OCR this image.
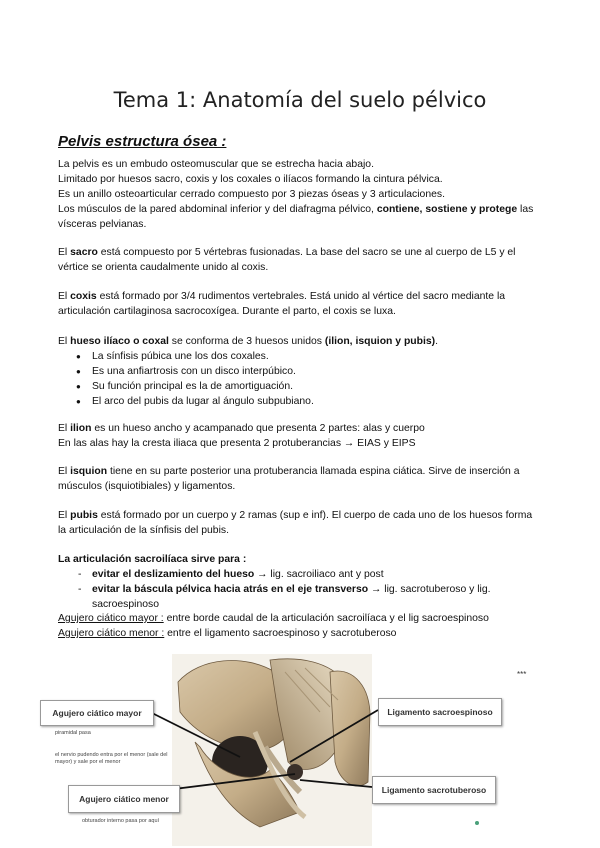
Tema 1: Anatomía del suelo pélvico
Pelvis estructura ósea :
La pelvis es un embudo osteomuscular que se estrecha hacia abajo.
Limitado por huesos sacro, coxis y los coxales o ilíacos formando la cintura pélvica.
Es un anillo osteoarticular cerrado compuesto por 3 piezas óseas y 3 articulaciones.
Los músculos de la pared abdominal inferior y del diafragma pélvico, contiene, sostiene y protege las vísceras pelvianas.
El sacro está compuesto por 5 vértebras fusionadas. La base del sacro se une al cuerpo de L5 y el vértice se orienta caudalmente unido al coxis.
El coxis está formado por 3/4 rudimentos vertebrales. Está unido al vértice del sacro mediante la articulación cartilaginosa sacrocoxígea. Durante el parto, el coxis se luxa.
El hueso ilíaco o coxal se conforma de 3 huesos unidos (ilion, isquion y pubis).
● La sínfisis púbica une los dos coxales.
● Es una anfiartrosis con un disco interpúbico.
● Su función principal es la de amortiguación.
● El arco del pubis da lugar al ángulo subpubiano.
El ilion es un hueso ancho y acampanado que presenta 2 partes: alas y cuerpo
En las alas hay la cresta iliaca que presenta 2 protuberancias → EIAS y EIPS
El isquion tiene en su parte posterior una protuberancia llamada espina ciática. Sirve de inserción a músculos (isquiotibiales) y ligamentos.
El pubis está formado por un cuerpo y 2 ramas (sup e inf). El cuerpo de cada uno de los huesos forma la articulación de la sínfisis del pubis.
La articulación sacroilíaca sirve para :
- evitar el deslizamiento del hueso → lig. sacroiliaco ant y post
- evitar la báscula pélvica hacia atrás en el eje transverso → lig. sacrotuberoso y lig. sacroespinoso
Agujero ciático mayor : entre borde caudal de la articulación sacroilíaca y el lig sacroespinoso
Agujero ciático menor : entre el ligamento sacroespinoso y sacrotuberoso
Agujero ciático mayor
piramidal pasa
el nervio pudendo entra por el menor (sale del mayor) y sale por el menor
Agujero ciático menor
obturador interno pasa por aquí
Ligamento sacroespinoso
Ligamento sacrotuberoso
***
